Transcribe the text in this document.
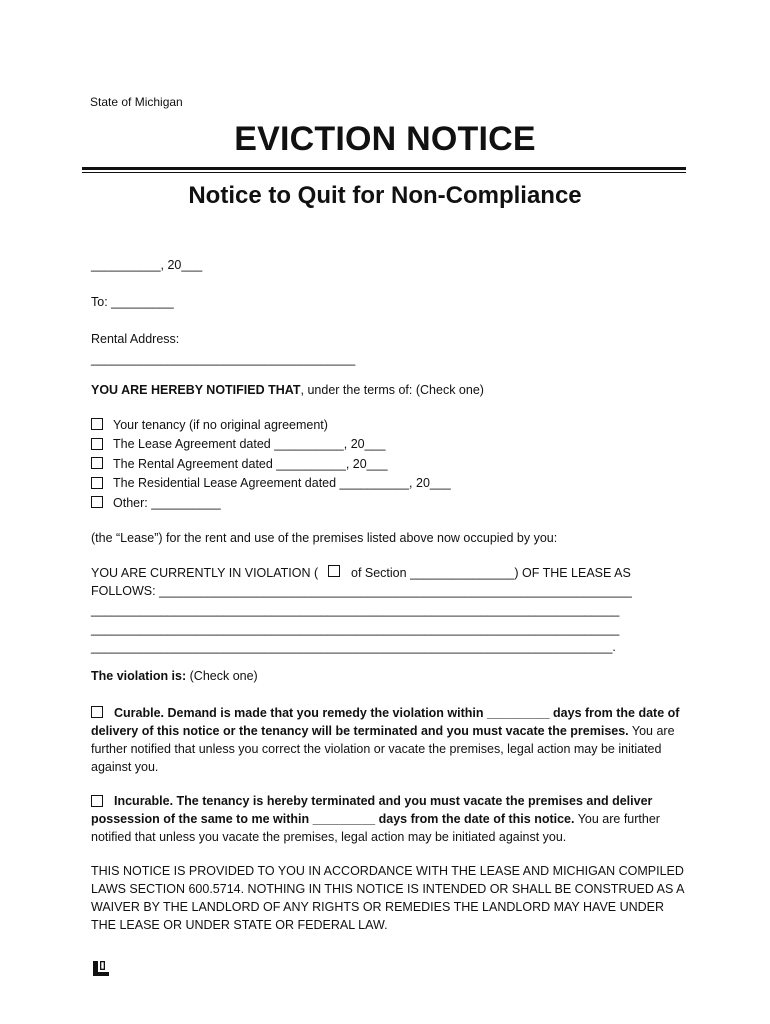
State of Michigan
EVICTION NOTICE
Notice to Quit for Non-Compliance
__________, 20___
To: _________
Rental Address:
______________________________________
YOU ARE HEREBY NOTIFIED THAT, under the terms of: (Check one)
Your tenancy (if no original agreement)
The Lease Agreement dated __________, 20___
The Rental Agreement dated __________, 20___
The Residential Lease Agreement dated __________, 20___
Other: __________
(the “Lease”) for the rent and use of the premises listed above now occupied by you:
YOU ARE CURRENTLY IN VIOLATION (	of Section _______________) OF THE LEASE AS
FOLLOWS: ____________________________________________________________________
____________________________________________________________________________
____________________________________________________________________________
___________________________________________________________________________.
The violation is: (Check one)
Curable. Demand is made that you remedy the violation within _________ days from the date of delivery of this notice or the tenancy will be terminated and you must vacate the premises. You are further notified that unless you correct the violation or vacate the premises, legal action may be initiated against you.
Incurable. The tenancy is hereby terminated and you must vacate the premises and deliver possession of the same to me within _________ days from the date of this notice. You are further notified that unless you vacate the premises, legal action may be initiated against you.
THIS NOTICE IS PROVIDED TO YOU IN ACCORDANCE WITH THE LEASE AND MICHIGAN COMPILED LAWS SECTION 600.5714. NOTHING IN THIS NOTICE IS INTENDED OR SHALL BE CONSTRUED AS A WAIVER BY THE LANDLORD OF ANY RIGHTS OR REMEDIES THE LANDLORD MAY HAVE UNDER THE LEASE OR UNDER STATE OR FEDERAL LAW.
